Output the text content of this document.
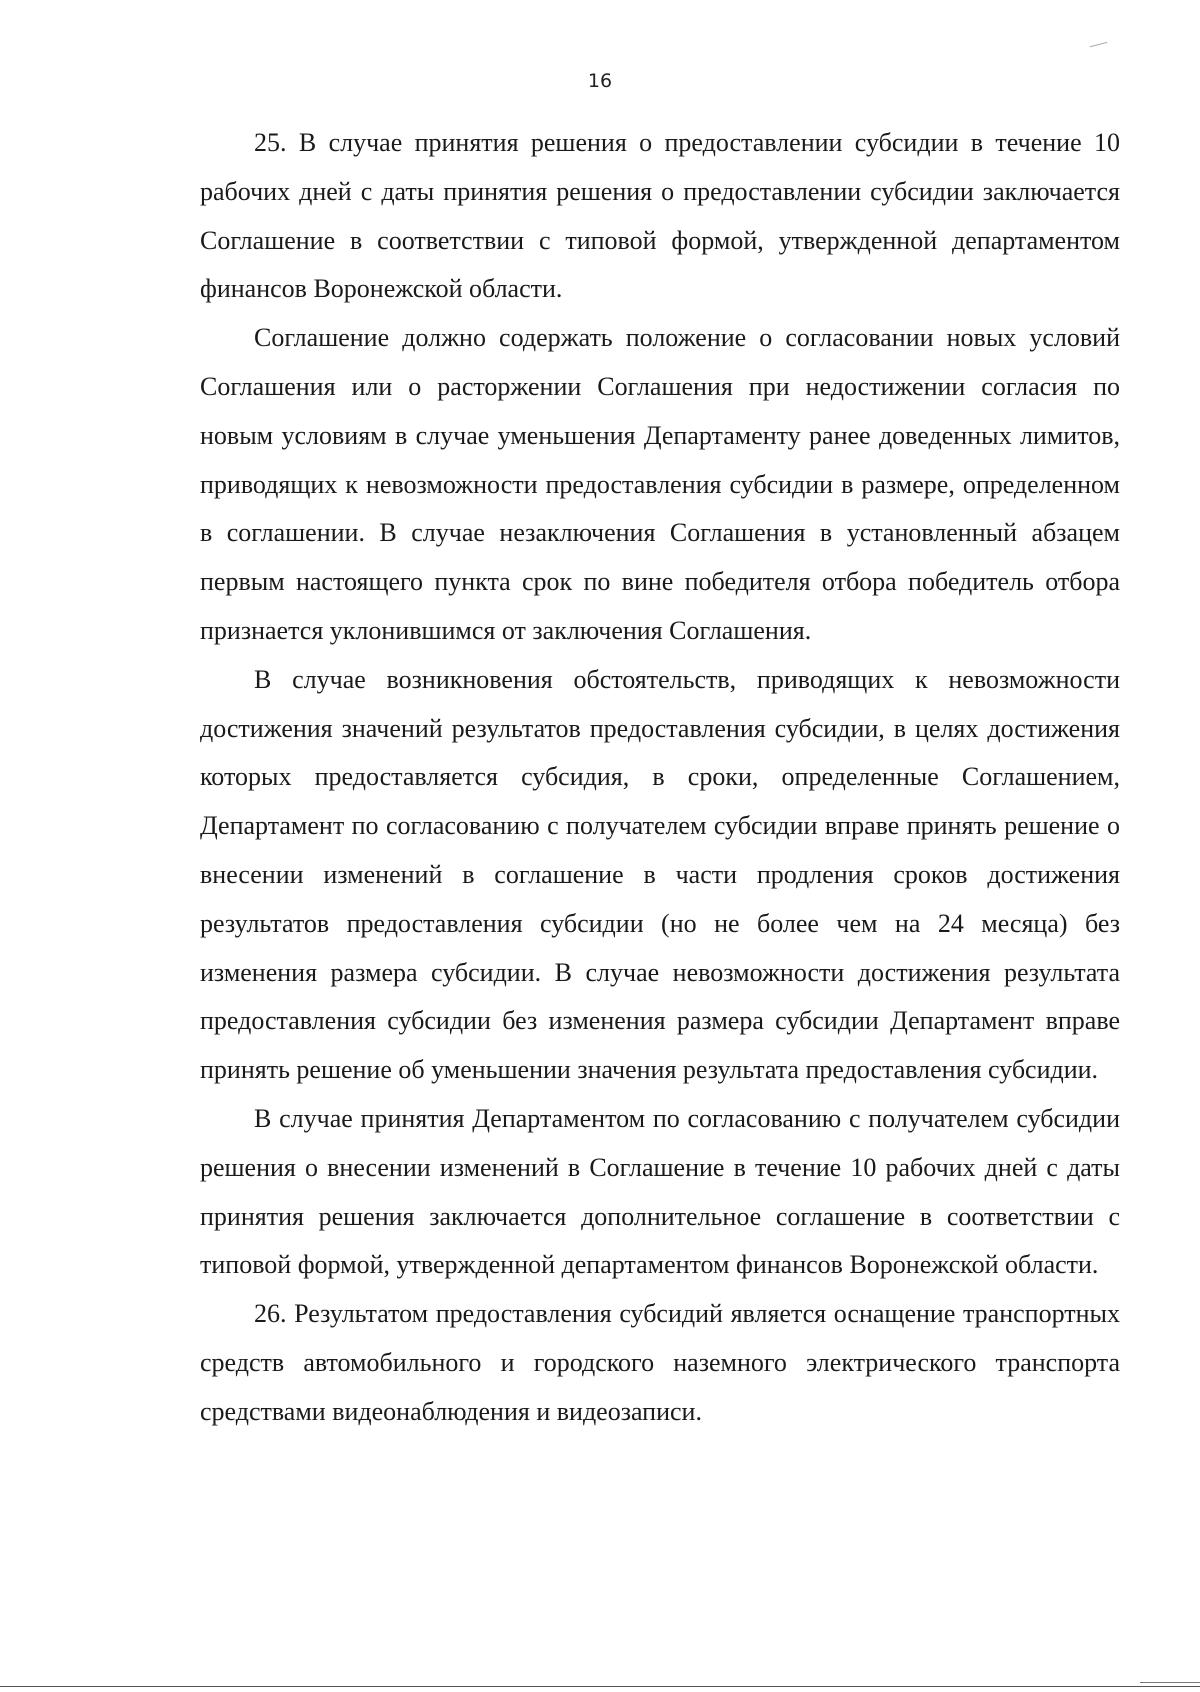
16

25. В случае принятия решения о предоставлении субсидии в течение 10 рабочих дней с даты принятия решения о предоставлении субсидии заключается Соглашение в соответствии с типовой формой, утвержденной департаментом финансов Воронежской области.

Соглашение должно содержать положение о согласовании новых условий Соглашения или о расторжении Соглашения при недостижении согласия по новым условиям в случае уменьшения Департаменту ранее доведенных лимитов, приводящих к невозможности предоставления субсидии в размере, определенном в соглашении. В случае незаключения Соглашения в установленный абзацем первым настоящего пункта срок по вине победителя отбора победитель отбора признается уклонившимся от заключения Соглашения.

В случае возникновения обстоятельств, приводящих к невозможности достижения значений результатов предоставления субсидии, в целях достижения которых предоставляется субсидия, в сроки, определенные Соглашением, Департамент по согласованию с получателем субсидии вправе принять решение о внесении изменений в соглашение в части продления сроков достижения результатов предоставления субсидии (но не более чем на 24 месяца) без изменения размера субсидии. В случае невозможности достижения результата предоставления субсидии без изменения размера субсидии Департамент вправе принять решение об уменьшении значения результата предоставления субсидии.

В случае принятия Департаментом по согласованию с получателем субсидии решения о внесении изменений в Соглашение в течение 10 рабочих дней с даты принятия решения заключается дополнительное соглашение в соответствии с типовой формой, утвержденной департаментом финансов Воронежской области.

26. Результатом предоставления субсидий является оснащение транспортных средств автомобильного и городского наземного электрического транспорта средствами видеонаблюдения и видеозаписи.
